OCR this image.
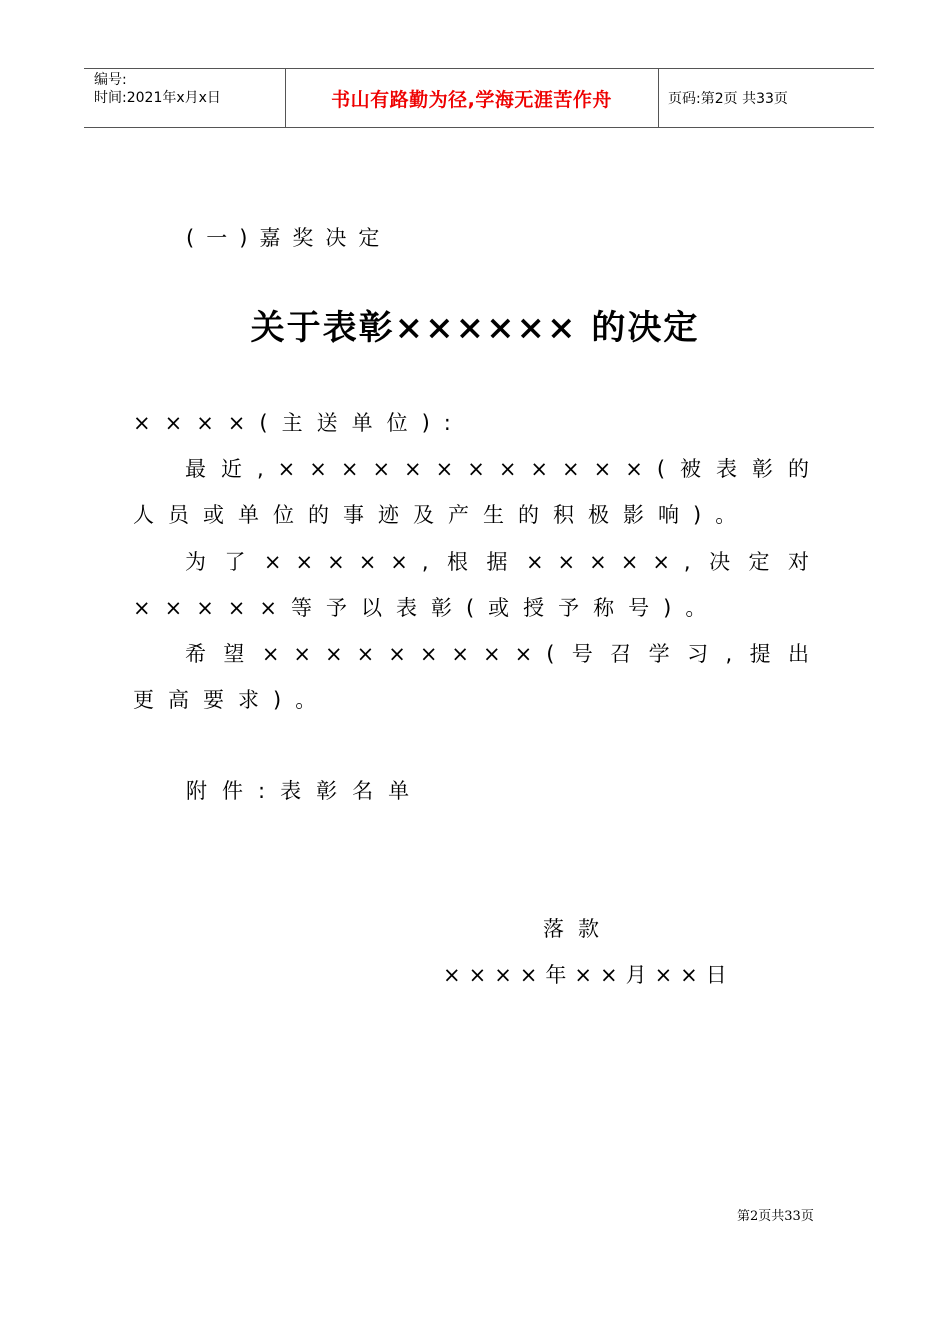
编号:
时间:2021年x月x日	书山有路勤为径,学海无涯苦作舟	页码:第2页 共33页
(一)嘉奖决定
关于表彰×××××× 的决定
××××(主送单位):
最近,××××××××××××(被表彰的人员或单位的事迹及产生的积极影响)。
为了×××××,根据×××××,决定对×××××等予以表彰(或授予称号)。
希望×××××××××(号召学习,提出更高要求)。
附件:表彰名单
落款
××××年××月××日
第2页共33页
